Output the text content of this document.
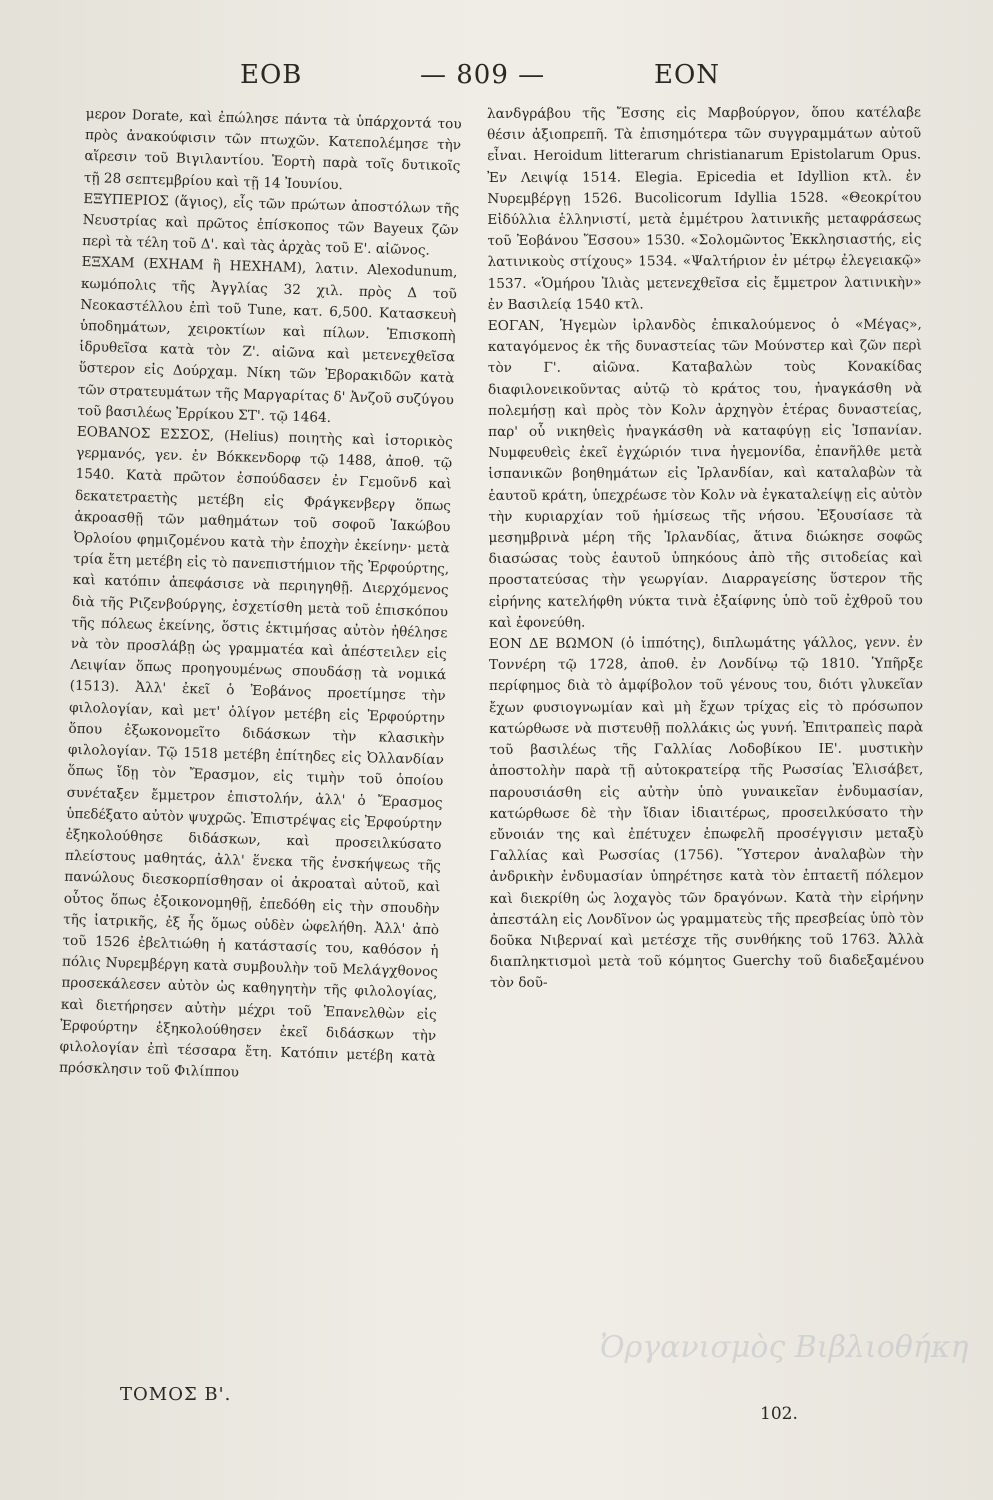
ΕΟΒ	— 809 —	ΕΟΝ

μερον Dorate, καὶ ἐπώλησε πάντα τὰ ὑπάρχοντά του πρὸς ἀνακούφισιν τῶν πτωχῶν. Κατεπολέμησε τὴν αἵρεσιν τοῦ Βιγιλαντίου. Ἑορτὴ παρὰ τοῖς δυτικοῖς τῇ 28 σεπτεμβρίου καὶ τῇ 14 Ἰουνίου.

ΕΞΥΠΕΡΙΟΣ (ἅγιος), εἷς τῶν πρώτων ἀποστόλων τῆς Νευστρίας καὶ πρῶτος ἐπίσκοπος τῶν Bayeux ζῶν περὶ τὰ τέλη τοῦ Δ'. καὶ τὰς ἀρχὰς τοῦ Ε'. αἰῶνος.

ΕΞΧΑΜ (EXHAM ἢ HEXHAM), λατιν. Alexodunum, κωμόπολις τῆς Ἀγγλίας 32 χιλ. πρὸς Δ τοῦ Νεοκαστέλλου ἐπὶ τοῦ Tune, κατ. 6,500. Κατασκευὴ ὑποδημάτων, χειροκτίων καὶ πίλων. Ἐπισκοπὴ ἱδρυθεῖσα κατὰ τὸν Ζ'. αἰῶνα καὶ μετενεχθεῖσα ὕστερον εἰς Δούρχαμ. Νίκη τῶν Ἐβορακιδῶν κατὰ τῶν στρατευμάτων τῆς Μαργαρίτας δ' Ἀνζοῦ συζύγου τοῦ βασιλέως Ἐρρίκου ΣΤ'. τῷ 1464.

ΕΟΒΑΝΟΣ ΕΣΣΟΣ, (Helius) ποιητὴς καὶ ἱστορικὸς γερμανός, γεν. ἐν Βόκκενδορφ τῷ 1488, ἀποθ. τῷ 1540. Κατὰ πρῶτον ἐσπούδασεν ἐν Γεμοῦνδ καὶ δεκατετραετὴς μετέβη εἰς Φράγκενβεργ ὅπως ἀκροασθῇ τῶν μαθημάτων τοῦ σοφοῦ Ἰακώβου Ὀρλοίου φημιζομένου κατὰ τὴν ἐποχὴν ἐκείνην· μετὰ τρία ἔτη μετέβη εἰς τὸ πανεπιστήμιον τῆς Ἐρφούρτης, καὶ κατόπιν ἀπεφάσισε νὰ περιηγηθῇ. Διερχόμενος διὰ τῆς Ριζενβούργης, ἐσχετίσθη μετὰ τοῦ ἐπισκόπου τῆς πόλεως ἐκείνης, ὅστις ἐκτιμήσας αὐτὸν ἠθέλησε νὰ τὸν προσλάβῃ ὡς γραμματέα καὶ ἀπέστειλεν εἰς Λειψίαν ὅπως προηγουμένως σπουδάσῃ τὰ νομικά (1513). Ἀλλ' ἐκεῖ ὁ Ἐοβάνος προετίμησε τὴν φιλολογίαν, καὶ μετ' ὀλίγον μετέβη εἰς Ἐρφούρτην ὅπου ἐξωκονομεῖτο διδάσκων τὴν κλασικὴν φιλολογίαν. Τῷ 1518 μετέβη ἐπίτηδες εἰς Ὀλλανδίαν ὅπως ἴδῃ τὸν Ἔρασμον, εἰς τιμὴν τοῦ ὁποίου συνέταξεν ἔμμετρον ἐπιστολήν, ἀλλ' ὁ Ἔρασμος ὑπεδέξατο αὐτὸν ψυχρῶς. Ἐπιστρέψας εἰς Ἐρφούρτην ἐξηκολούθησε διδάσκων, καὶ προσειλκύσατο πλείστους μαθητάς, ἀλλ' ἕνεκα τῆς ἐνσκήψεως τῆς πανώλους διεσκορπίσθησαν οἱ ἀκροαταὶ αὐτοῦ, καὶ οὗτος ὅπως ἐξοικονομηθῇ, ἐπεδόθη εἰς τὴν σπουδὴν τῆς ἰατρικῆς, ἐξ ἧς ὅμως οὐδὲν ὠφελήθη. Ἀλλ' ἀπὸ τοῦ 1526 ἐβελτιώθη ἡ κατάστασίς του, καθόσον ἡ πόλις Νυρεμβέργη κατὰ συμβουλὴν τοῦ Μελάγχθονος προσεκάλεσεν αὐτὸν ὡς καθηγητὴν τῆς φιλολογίας, καὶ διετήρησεν αὐτὴν μέχρι τοῦ Ἐπανελθὼν εἰς Ἐρφούρτην ἐξηκολούθησεν ἐκεῖ διδάσκων τὴν φιλολογίαν ἐπὶ τέσσαρα ἔτη. Κατόπιν μετέβη κατὰ πρόσκλησιν τοῦ Φιλίππου

λανδγράβου τῆς Ἔσσης εἰς Μαρβούργον, ὅπου κατέλαβε θέσιν ἀξιοπρεπῆ. Τὰ ἐπισημότερα τῶν συγγραμμάτων αὐτοῦ εἶναι. Heroidum litterarum christianarum Epistolarum Opus. Ἐν Λειψίᾳ 1514. Elegia. Epicedia et Idyllion κτλ. ἐν Νυρεμβέργῃ 1526. Bucolicorum Idyllia 1528. «Θεοκρίτου Εἰδύλλια ἑλληνιστί, μετὰ ἐμμέτρου λατινικῆς μεταφράσεως τοῦ Ἐοβάνου Ἔσσου» 1530. «Σολομῶντος Ἐκκλησιαστής, εἰς λατινικοὺς στίχους» 1534. «Ψαλτήριον ἐν μέτρῳ ἐλεγειακῷ» 1537. «Ὁμήρου Ἰλιὰς μετενεχθεῖσα εἰς ἔμμετρον λατινικὴν» ἐν Βασιλείᾳ 1540 κτλ.

ΕΟΓΑΝ, Ἡγεμὼν ἰρλανδὸς ἐπικαλούμενος ὁ «Μέγας», καταγόμενος ἐκ τῆς δυναστείας τῶν Μούνστερ καὶ ζῶν περὶ τὸν Γ'. αἰῶνα. Καταβαλὼν τοὺς Κονακίδας διαφιλονεικοῦντας αὐτῷ τὸ κράτος του, ἠναγκάσθη νὰ πολεμήσῃ καὶ πρὸς τὸν Κολν ἀρχηγὸν ἑτέρας δυναστείας, παρ' οὗ νικηθεὶς ἠναγκάσθη νὰ καταφύγῃ εἰς Ἱσπανίαν. Νυμφευθεὶς ἐκεῖ ἐγχώριόν τινα ἡγεμονίδα, ἐπανῆλθε μετὰ ἱσπανικῶν βοηθημάτων εἰς Ἰρλανδίαν, καὶ καταλαβὼν τὰ ἑαυτοῦ κράτη, ὑπεχρέωσε τὸν Κολν νὰ ἐγκαταλείψῃ εἰς αὐτὸν τὴν κυριαρχίαν τοῦ ἡμίσεως τῆς νήσου. Ἐξουσίασε τὰ μεσημβρινὰ μέρη τῆς Ἰρλανδίας, ἅτινα διώκησε σοφῶς διασώσας τοὺς ἑαυτοῦ ὑπηκόους ἀπὸ τῆς σιτοδείας καὶ προστατεύσας τὴν γεωργίαν. Διαρραγείσης ὕστερον τῆς εἰρήνης κατελήφθη νύκτα τινὰ ἐξαίφνης ὑπὸ τοῦ ἐχθροῦ του καὶ ἐφονεύθη.

ΕΟΝ ΔΕ ΒΩΜΟΝ (ὁ ἱππότης), διπλωμάτης γάλλος, γενν. ἐν Τοννέρη τῷ 1728, ἀποθ. ἐν Λονδίνῳ τῷ 1810. Ὑπῆρξε περίφημος διὰ τὸ ἀμφίβολον τοῦ γένους του, διότι γλυκεῖαν ἔχων φυσιογνωμίαν καὶ μὴ ἔχων τρίχας εἰς τὸ πρόσωπον κατώρθωσε νὰ πιστευθῇ πολλάκις ὡς γυνή. Ἐπιτραπεὶς παρὰ τοῦ βασιλέως τῆς Γαλλίας Λοδοβίκου ΙΕ'. μυστικὴν ἀποστολὴν παρὰ τῇ αὐτοκρατείρᾳ τῆς Ρωσσίας Ἐλισάβετ, παρουσιάσθη εἰς αὐτὴν ὑπὸ γυναικεῖαν ἐνδυμασίαν, κατώρθωσε δὲ τὴν ἴδιαν ἰδιαιτέρως, προσειλκύσατο τὴν εὔνοιάν της καὶ ἐπέτυχεν ἐπωφελῆ προσέγγισιν μεταξὺ Γαλλίας καὶ Ρωσσίας (1756). Ὕστερον ἀναλαβὼν τὴν ἀνδρικὴν ἐνδυμασίαν ὑπηρέτησε κατὰ τὸν ἑπταετῆ πόλεμον καὶ διεκρίθη ὡς λοχαγὸς τῶν δραγόνων. Κατὰ τὴν εἰρήνην ἀπεστάλη εἰς Λονδῖνον ὡς γραμματεὺς τῆς πρεσβείας ὑπὸ τὸν δοῦκα Νιβερναί καὶ μετέσχε τῆς συνθήκης τοῦ 1763. Ἀλλὰ διαπληκτισμοὶ μετὰ τοῦ κόμητος Guerchy τοῦ διαδεξαμένου τὸν δοῦ-

Ὀργανισμὸς Βιβλιοθήκη
ΤΟΜΟΣ Β'.
102.
